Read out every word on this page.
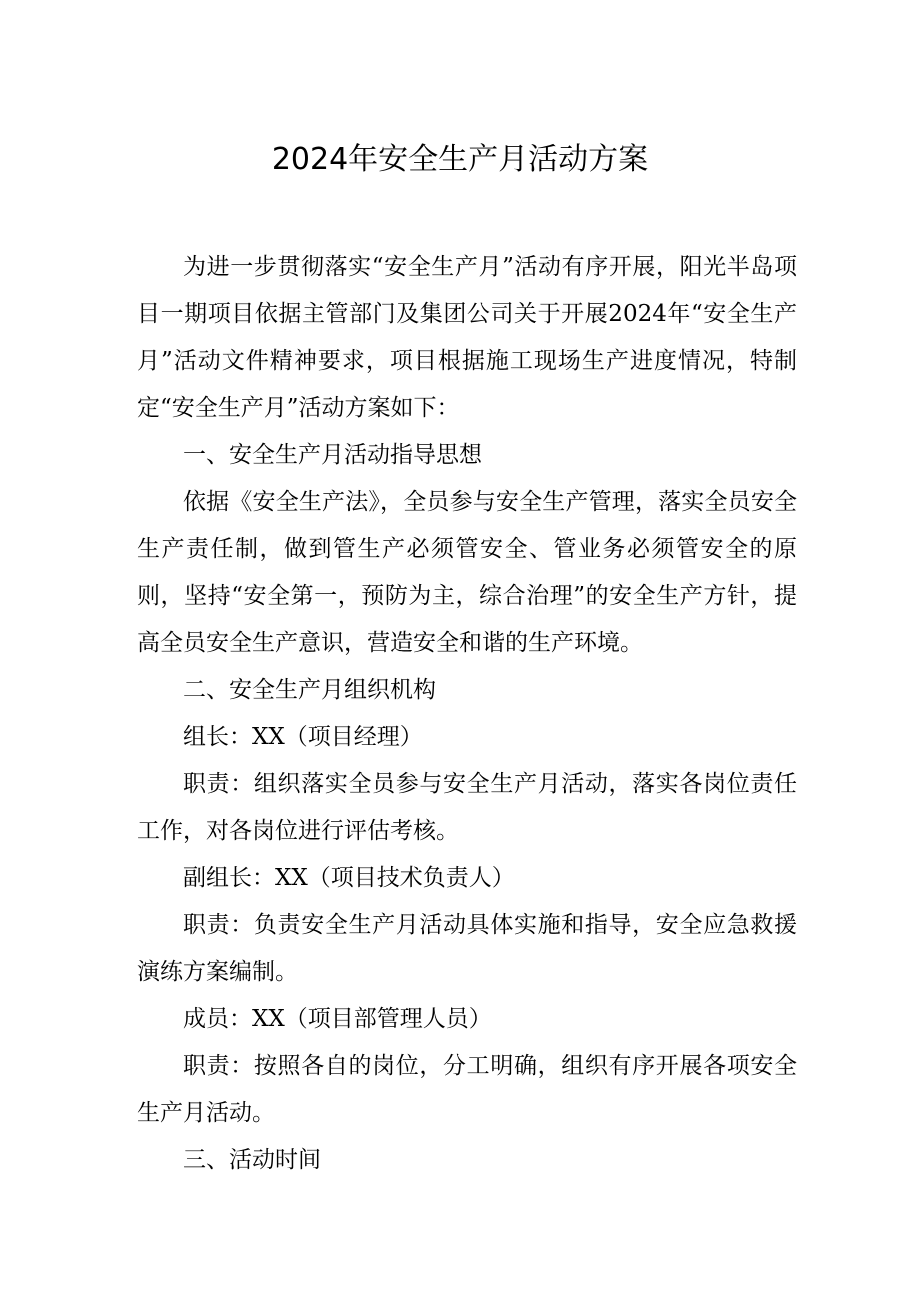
2024年安全生产月活动方案

为进一步贯彻落实“安全生产月”活动有序开展，阳光半岛项目一期项目依据主管部门及集团公司关于开展2024年“安全生产月”活动文件精神要求，项目根据施工现场生产进度情况，特制定“安全生产月”活动方案如下：

一、安全生产月活动指导思想

依据《安全生产法》，全员参与安全生产管理，落实全员安全生产责任制，做到管生产必须管安全、管业务必须管安全的原则，坚持“安全第一，预防为主，综合治理”的安全生产方针，提高全员安全生产意识，营造安全和谐的生产环境。

二、安全生产月组织机构

组长：XX（项目经理）

职责：组织落实全员参与安全生产月活动，落实各岗位责任工作，对各岗位进行评估考核。

副组长：XX（项目技术负责人）

职责：负责安全生产月活动具体实施和指导，安全应急救援演练方案编制。

成员：XX（项目部管理人员）

职责：按照各自的岗位，分工明确，组织有序开展各项安全生产月活动。

三、活动时间
